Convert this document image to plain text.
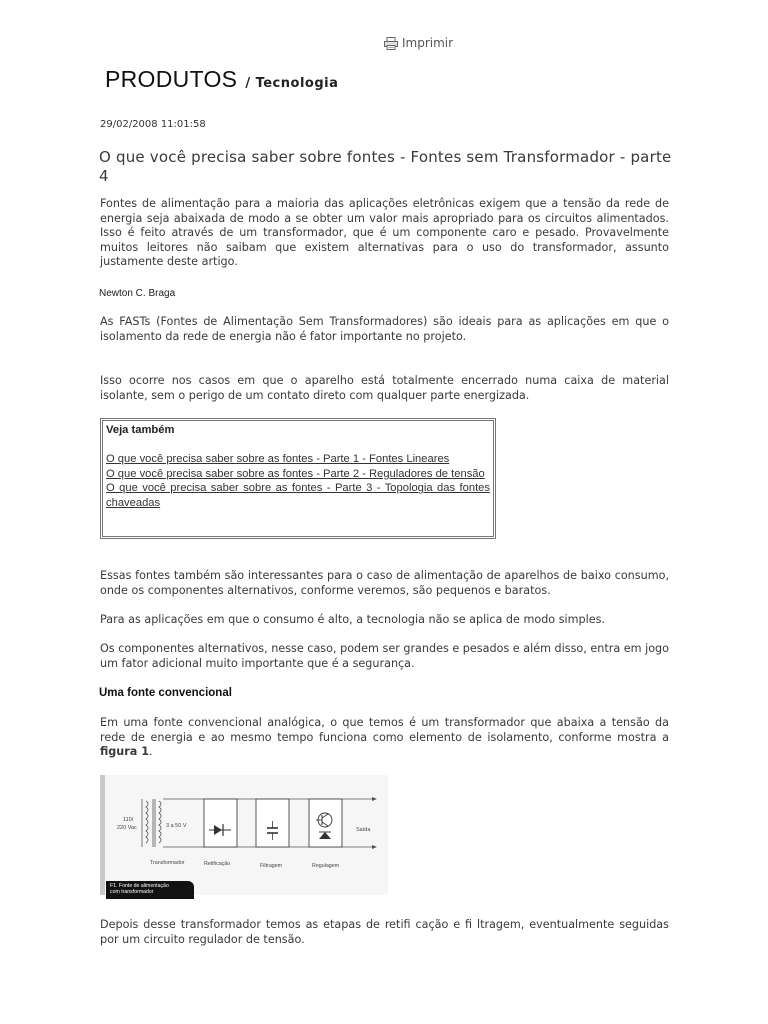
Imprimir
PRODUTOS / Tecnologia
29/02/2008 11:01:58
O que você precisa saber sobre fontes - Fontes sem Transformador - parte 4

Fontes de alimentação para a maioria das aplicações eletrônicas exigem que a tensão da rede de energia seja abaixada de modo a se obter um valor mais apropriado para os circuitos alimentados. Isso é feito através de um transformador, que é um componente caro e pesado. Provavelmente muitos leitores não saibam que existem alternativas para o uso do transformador, assunto justamente deste artigo.

Newton C. Braga

As FASTs (Fontes de Alimentação Sem Transformadores) são ideais para as aplicações em que o isolamento da rede de energia não é fator importante no projeto.

Isso ocorre nos casos em que o aparelho está totalmente encerrado numa caixa de material isolante, sem o perigo de um contato direto com qualquer parte energizada.

Veja também
O que você precisa saber sobre as fontes - Parte 1 - Fontes Lineares
O que você precisa saber sobre as fontes - Parte 2 - Reguladores de tensão
O que você precisa saber sobre as fontes - Parte 3 - Topologia das fontes chaveadas

Essas fontes também são interessantes para o caso de alimentação de aparelhos de baixo consumo, onde os componentes alternativos, conforme veremos, são pequenos e baratos.

Para as aplicações em que o consumo é alto, a tecnologia não se aplica de modo simples.

Os componentes alternativos, nesse caso, podem ser grandes e pesados e além disso, entra em jogo um fator adicional muito importante que é a segurança.

Uma fonte convencional

Em uma fonte convencional analógica, o que temos é um transformador que abaixa a tensão da rede de energia e ao mesmo tempo funciona como elemento de isolamento, conforme mostra a figura 1.

110/
220 Vac	3 a 50 V
Saída
Transformador	Retificação	Filtragem	Regulagem
F1. Fonte de alimentação
com transformador

Depois desse transformador temos as etapas de retifi cação e fi ltragem, eventualmente seguidas por um circuito regulador de tensão.
